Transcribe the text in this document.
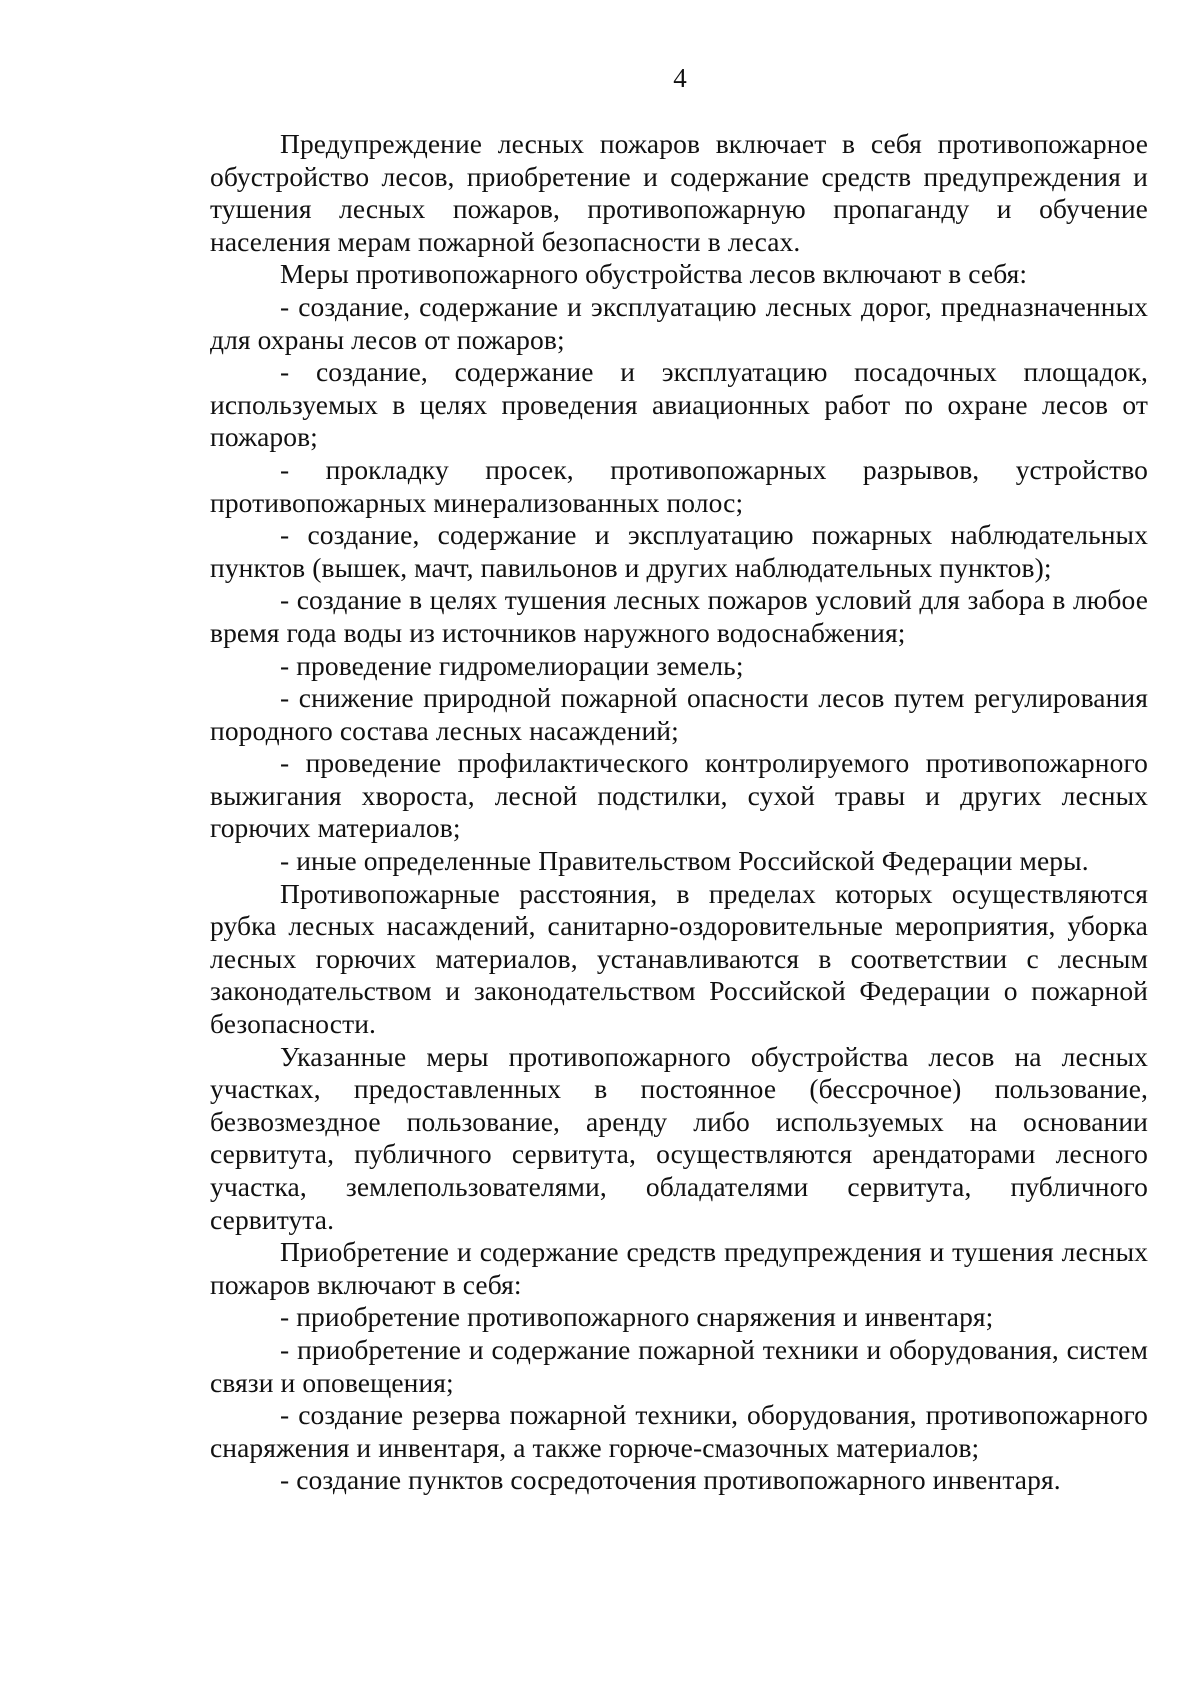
4

Предупреждение лесных пожаров включает в себя противопожарное обустройство лесов, приобретение и содержание средств предупреждения и тушения лесных пожаров, противопожарную пропаганду и обучение населения мерам пожарной безопасности в лесах.

Меры противопожарного обустройства лесов включают в себя:

- создание, содержание и эксплуатацию лесных дорог, предназначенных для охраны лесов от пожаров;

- создание, содержание и эксплуатацию посадочных площадок, используемых в целях проведения авиационных работ по охране лесов от пожаров;

- прокладку просек, противопожарных разрывов, устройство противопожарных минерализованных полос;

- создание, содержание и эксплуатацию пожарных наблюдательных пунктов (вышек, мачт, павильонов и других наблюдательных пунктов);

- создание в целях тушения лесных пожаров условий для забора в любое время года воды из источников наружного водоснабжения;

- проведение гидромелиорации земель;

- снижение природной пожарной опасности лесов путем регулирования породного состава лесных насаждений;

- проведение профилактического контролируемого противопожарного выжигания хвороста, лесной подстилки, сухой травы и других лесных горючих материалов;

- иные определенные Правительством Российской Федерации меры.

Противопожарные расстояния, в пределах которых осуществляются рубка лесных насаждений, санитарно-оздоровительные мероприятия, уборка лесных горючих материалов, устанавливаются в соответствии с лесным законодательством и законодательством Российской Федерации о пожарной безопасности.

Указанные меры противопожарного обустройства лесов на лесных участках, предоставленных в постоянное (бессрочное) пользование, безвозмездное пользование, аренду либо используемых на основании сервитута, публичного сервитута, осуществляются арендаторами лесного участка, землепользователями, обладателями сервитута, публичного сервитута.

Приобретение и содержание средств предупреждения и тушения лесных пожаров включают в себя:

- приобретение противопожарного снаряжения и инвентаря;

- приобретение и содержание пожарной техники и оборудования, систем связи и оповещения;

- создание резерва пожарной техники, оборудования, противопожарного снаряжения и инвентаря, а также горюче-смазочных материалов;

- создание пунктов сосредоточения противопожарного инвентаря.
